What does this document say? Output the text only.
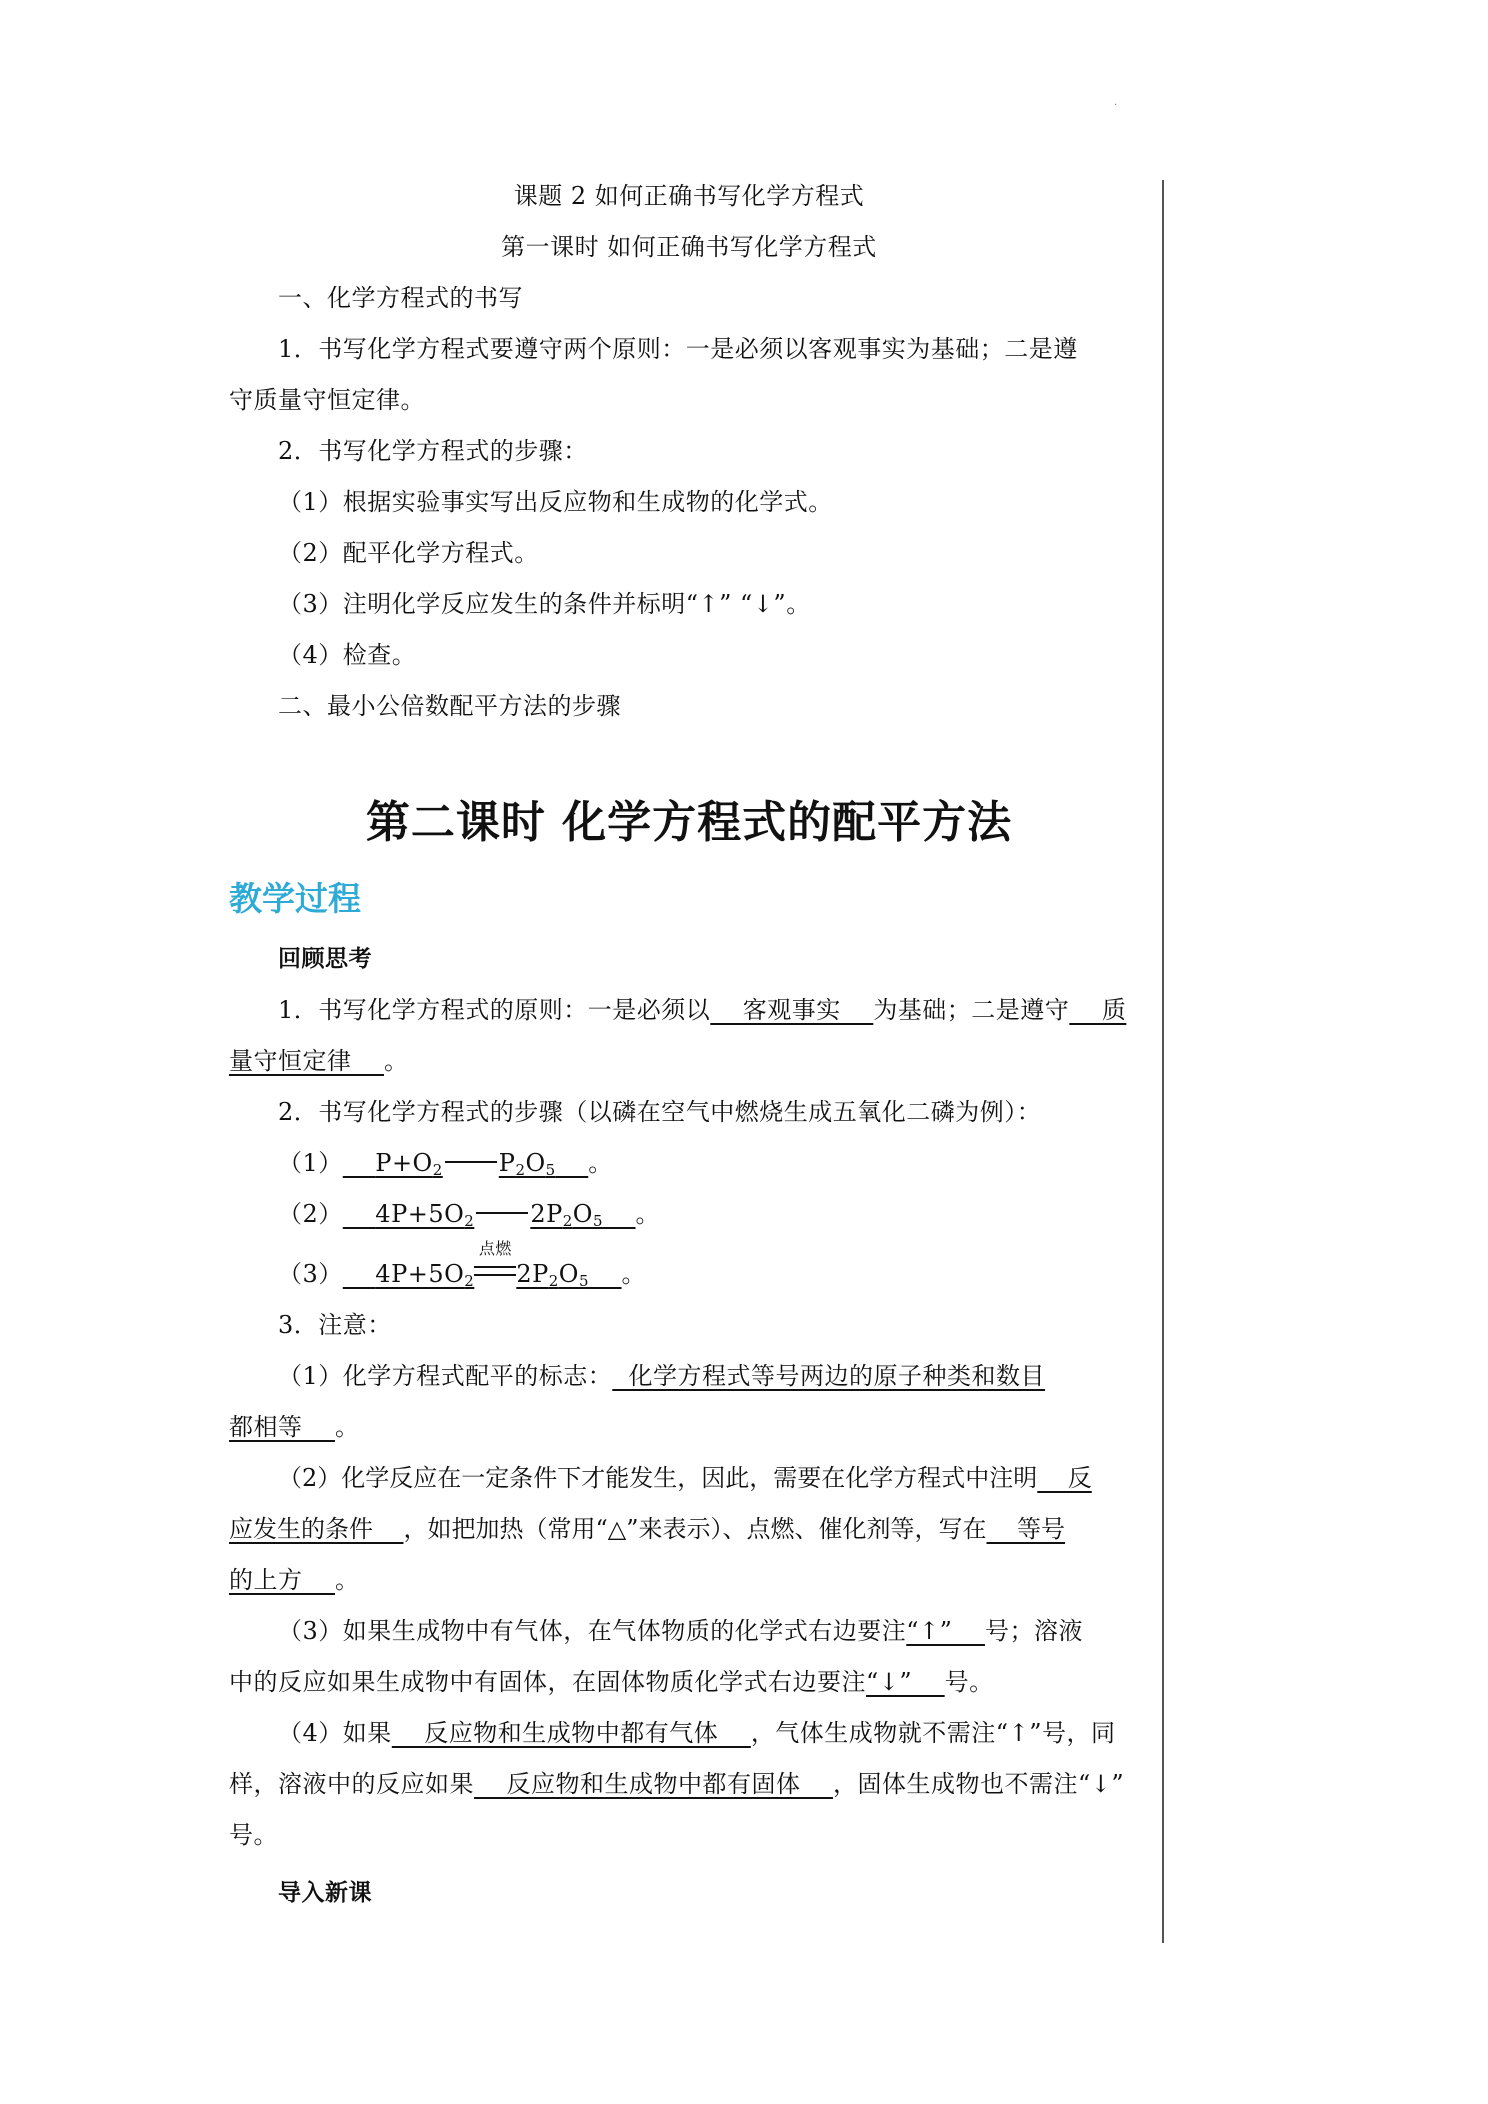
·
课题 2 如何正确书写化学方程式
第一课时 如何正确书写化学方程式
一、化学方程式的书写
1．书写化学方程式要遵守两个原则：一是必须以客观事实为基础；二是遵
守质量守恒定律。
2．书写化学方程式的步骤：
（1）根据实验事实写出反应物和生成物的化学式。
（2）配平化学方程式。
（3）注明化学反应发生的条件并标明“↑” “↓”。
（4）检查。
二、最小公倍数配平方法的步骤
第二课时 化学方程式的配平方法
教学过程
回顾思考
1．书写化学方程式的原则：一是必须以    客观事实    为基础；二是遵守    质
量守恒定律    。
2．书写化学方程式的步骤（以磷在空气中燃烧生成五氧化二磷为例）：
（1） $P+O_2$ $P_2O_5$ 。
（2） $4P+5O_2$ $2P_2O_5$ 。
（3） $4P+5O_2$
点燃
$2P_2O_5$ 。
3．注意：
（1）化学方程式配平的标志：  化学方程式等号两边的原子种类和数目
都相等    。
（2）化学反应在一定条件下才能发生，因此，需要在化学方程式中注明    反
应发生的条件    ，如把加热（常用“△”来表示）、点燃、催化剂等，写在    等号
的上方    。
（3）如果生成物中有气体，在气体物质的化学式右边要注“↑”    号；溶液
中的反应如果生成物中有固体，在固体物质化学式右边要注“↓”    号。
（4）如果    反应物和生成物中都有气体    ，气体生成物就不需注“↑”号，同
样，溶液中的反应如果    反应物和生成物中都有固体    ，固体生成物也不需注“↓”
号。
导入新课
